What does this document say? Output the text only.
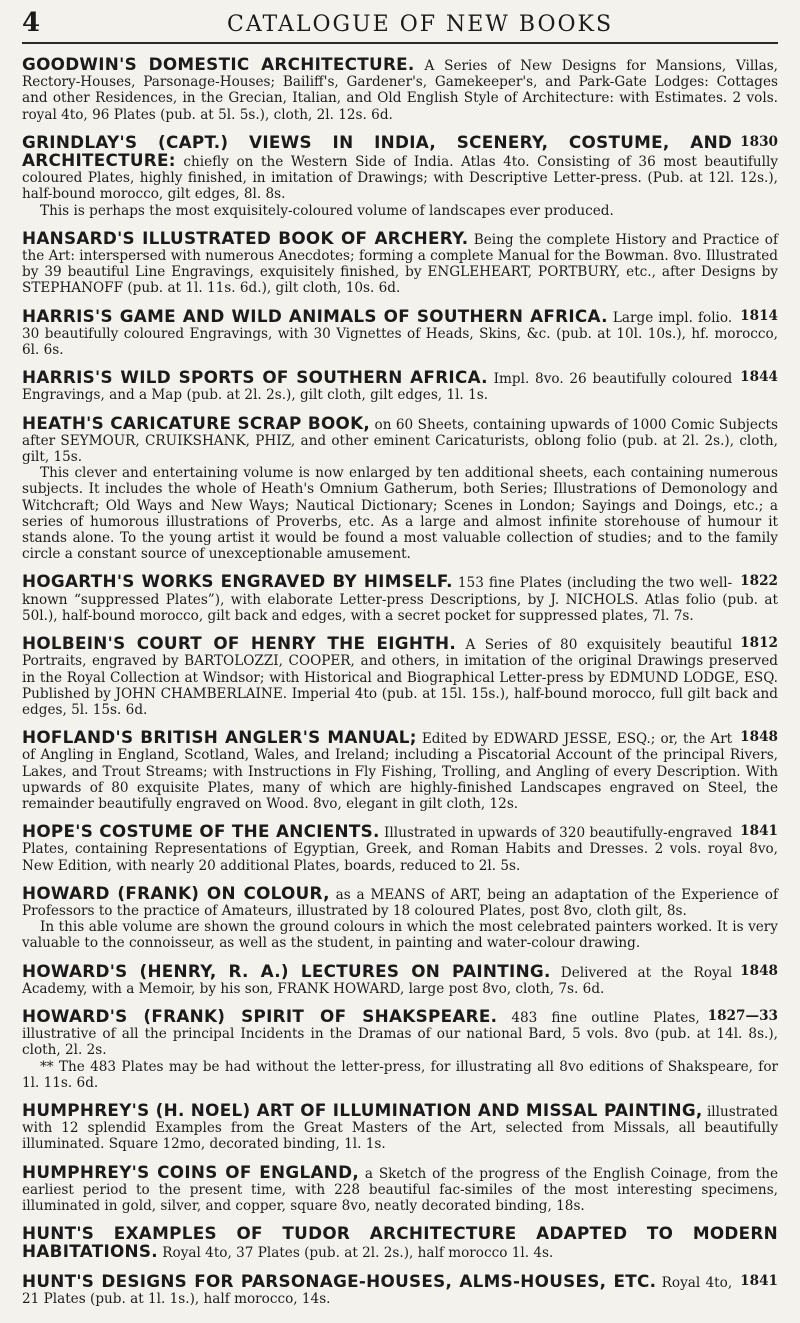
4	CATALOGUE OF NEW BOOKS
GOODWIN'S DOMESTIC ARCHITECTURE. A Series of New Designs for Mansions, Villas, Rectory-Houses, Parsonage-Houses; Bailiff's, Gardener's, Gamekeeper's, and Park-Gate Lodges: Cottages and other Residences, in the Grecian, Italian, and Old English Style of Architecture: with Estimates. 2 vols. royal 4to, 96 Plates (pub. at 5l. 5s.), cloth, 2l. 12s. 6d.
1830
GRINDLAY'S (CAPT.) VIEWS IN INDIA, SCENERY, COSTUME, AND ARCHITECTURE: chiefly on the Western Side of India. Atlas 4to. Consisting of 36 most beautifully coloured Plates, highly finished, in imitation of Drawings; with Descriptive Letter-press. (Pub. at 12l. 12s.), half-bound morocco, gilt edges, 8l. 8s.
This is perhaps the most exquisitely-coloured volume of landscapes ever produced.
HANSARD'S ILLUSTRATED BOOK OF ARCHERY. Being the complete History and Practice of the Art: interspersed with numerous Anecdotes; forming a complete Manual for the Bowman. 8vo. Illustrated by 39 beautiful Line Engravings, exquisitely finished, by ENGLEHEART, PORTBURY, etc., after Designs by STEPHANOFF (pub. at 1l. 11s. 6d.), gilt cloth, 10s. 6d.
1814
HARRIS'S GAME AND WILD ANIMALS OF SOUTHERN AFRICA. Large impl. folio. 30 beautifully coloured Engravings, with 30 Vignettes of Heads, Skins, &c. (pub. at 10l. 10s.), hf. morocco, 6l. 6s.
1844
HARRIS'S WILD SPORTS OF SOUTHERN AFRICA. Impl. 8vo. 26 beautifully coloured Engravings, and a Map (pub. at 2l. 2s.), gilt cloth, gilt edges, 1l. 1s.
HEATH'S CARICATURE SCRAP BOOK, on 60 Sheets, containing upwards of 1000 Comic Subjects after SEYMOUR, CRUIKSHANK, PHIZ, and other eminent Caricaturists, oblong folio (pub. at 2l. 2s.), cloth, gilt, 15s.
This clever and entertaining volume is now enlarged by ten additional sheets, each containing numerous subjects. It includes the whole of Heath's Omnium Gatherum, both Series; Illustrations of Demonology and Witchcraft; Old Ways and New Ways; Nautical Dictionary; Scenes in London; Sayings and Doings, etc.; a series of humorous illustrations of Proverbs, etc. As a large and almost infinite storehouse of humour it stands alone. To the young artist it would be found a most valuable collection of studies; and to the family circle a constant source of unexceptionable amusement.
1822
HOGARTH'S WORKS ENGRAVED BY HIMSELF. 153 fine Plates (including the two well-known “suppressed Plates”), with elaborate Letter-press Descriptions, by J. NICHOLS. Atlas folio (pub. at 50l.), half-bound morocco, gilt back and edges, with a secret pocket for suppressed plates, 7l. 7s.
1812
HOLBEIN'S COURT OF HENRY THE EIGHTH. A Series of 80 exquisitely beautiful Portraits, engraved by BARTOLOZZI, COOPER, and others, in imitation of the original Drawings preserved in the Royal Collection at Windsor; with Historical and Biographical Letter-press by EDMUND LODGE, ESQ. Published by JOHN CHAMBERLAINE. Imperial 4to (pub. at 15l. 15s.), half-bound morocco, full gilt back and edges, 5l. 15s. 6d.
1848
HOFLAND'S BRITISH ANGLER'S MANUAL; Edited by EDWARD JESSE, ESQ.; or, the Art of Angling in England, Scotland, Wales, and Ireland; including a Piscatorial Account of the principal Rivers, Lakes, and Trout Streams; with Instructions in Fly Fishing, Trolling, and Angling of every Description. With upwards of 80 exquisite Plates, many of which are highly-finished Landscapes engraved on Steel, the remainder beautifully engraved on Wood. 8vo, elegant in gilt cloth, 12s.
1841
HOPE'S COSTUME OF THE ANCIENTS. Illustrated in upwards of 320 beautifully-engraved Plates, containing Representations of Egyptian, Greek, and Roman Habits and Dresses. 2 vols. royal 8vo, New Edition, with nearly 20 additional Plates, boards, reduced to 2l. 5s.
HOWARD (FRANK) ON COLOUR, as a MEANS of ART, being an adaptation of the Experience of Professors to the practice of Amateurs, illustrated by 18 coloured Plates, post 8vo, cloth gilt, 8s.
In this able volume are shown the ground colours in which the most celebrated painters worked. It is very valuable to the connoisseur, as well as the student, in painting and water-colour drawing.
1848
HOWARD'S (HENRY, R. A.) LECTURES ON PAINTING. Delivered at the Royal Academy, with a Memoir, by his son, FRANK HOWARD, large post 8vo, cloth, 7s. 6d.
1827—33
HOWARD'S (FRANK) SPIRIT OF SHAKSPEARE. 483 fine outline Plates, illustrative of all the principal Incidents in the Dramas of our national Bard, 5 vols. 8vo (pub. at 14l. 8s.), cloth, 2l. 2s.
*⁢* The 483 Plates may be had without the letter-press, for illustrating all 8vo editions of Shakspeare, for 1l. 11s. 6d.
HUMPHREY'S (H. NOEL) ART OF ILLUMINATION AND MISSAL PAINTING, illustrated with 12 splendid Examples from the Great Masters of the Art, selected from Missals, all beautifully illuminated. Square 12mo, decorated binding, 1l. 1s.
HUMPHREY'S COINS OF ENGLAND, a Sketch of the progress of the English Coinage, from the earliest period to the present time, with 228 beautiful fac-similes of the most interesting specimens, illuminated in gold, silver, and copper, square 8vo, neatly decorated binding, 18s.
HUNT'S EXAMPLES OF TUDOR ARCHITECTURE ADAPTED TO MODERN HABITATIONS. Royal 4to, 37 Plates (pub. at 2l. 2s.), half morocco 1l. 4s.
1841
HUNT'S DESIGNS FOR PARSONAGE-HOUSES, ALMS-HOUSES, ETC. Royal 4to, 21 Plates (pub. at 1l. 1s.), half morocco, 14s.
